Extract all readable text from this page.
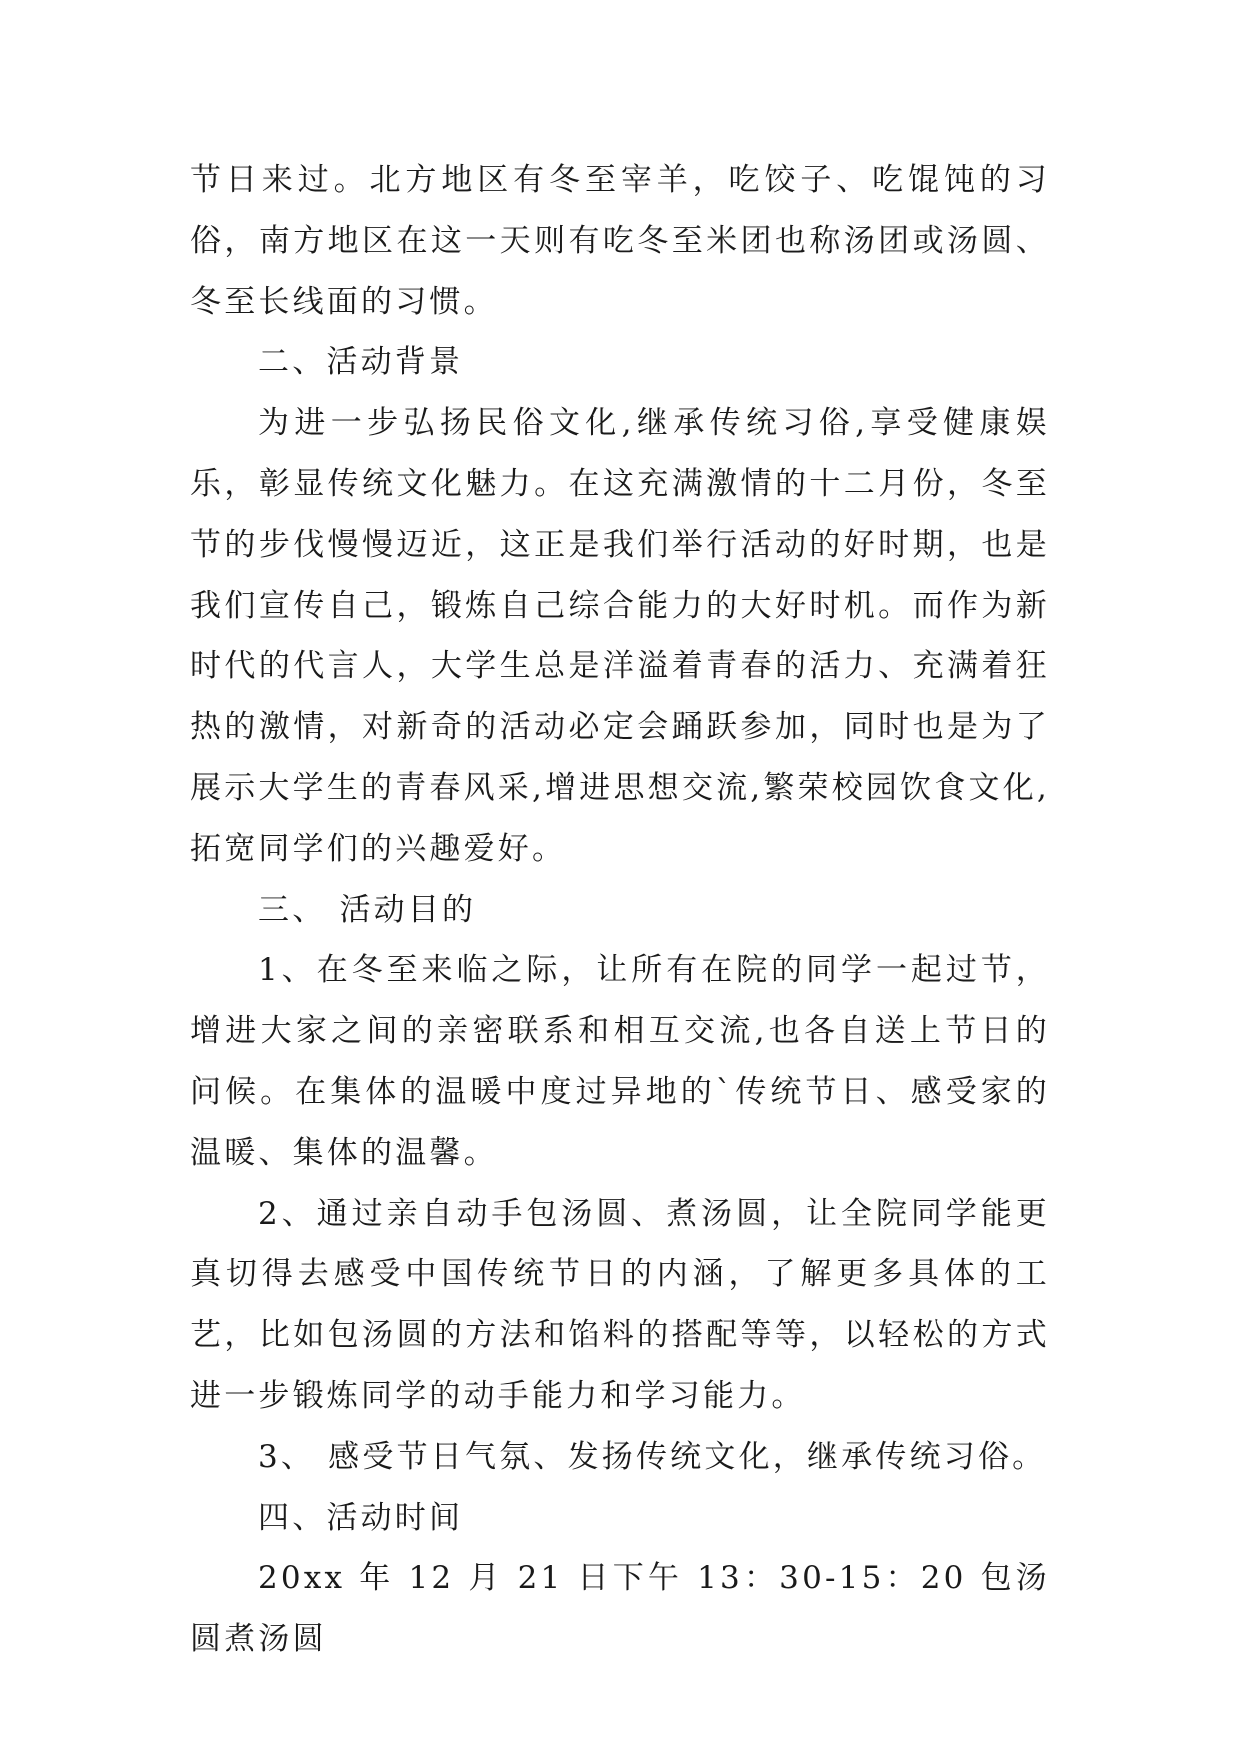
节日来过。北方地区有冬至宰羊，吃饺子、吃馄饨的习俗，南方地区在这一天则有吃冬至米团也称汤团或汤圆、冬至长线面的习惯。

二、活动背景

为进一步弘扬民俗文化,继承传统习俗,享受健康娱乐，彰显传统文化魅力。在这充满激情的十二月份，冬至节的步伐慢慢迈近，这正是我们举行活动的好时期，也是我们宣传自己，锻炼自己综合能力的大好时机。而作为新时代的代言人，大学生总是洋溢着青春的活力、充满着狂热的激情，对新奇的活动必定会踊跃参加，同时也是为了展示大学生的青春风采,增进思想交流,繁荣校园饮食文化,拓宽同学们的兴趣爱好。

三、 活动目的

1、在冬至来临之际，让所有在院的同学一起过节，增进大家之间的亲密联系和相互交流,也各自送上节日的问候。在集体的温暖中度过异地的`传统节日、感受家的温暖、集体的温馨。

2、通过亲自动手包汤圆、煮汤圆，让全院同学能更真切得去感受中国传统节日的内涵，了解更多具体的工艺，比如包汤圆的方法和馅料的搭配等等，以轻松的方式进一步锻炼同学的动手能力和学习能力。

3、 感受节日气氛、发扬传统文化，继承传统习俗。

四、活动时间

20xx 年 12 月 21 日下午 13：30-15：20 包汤圆煮汤圆
